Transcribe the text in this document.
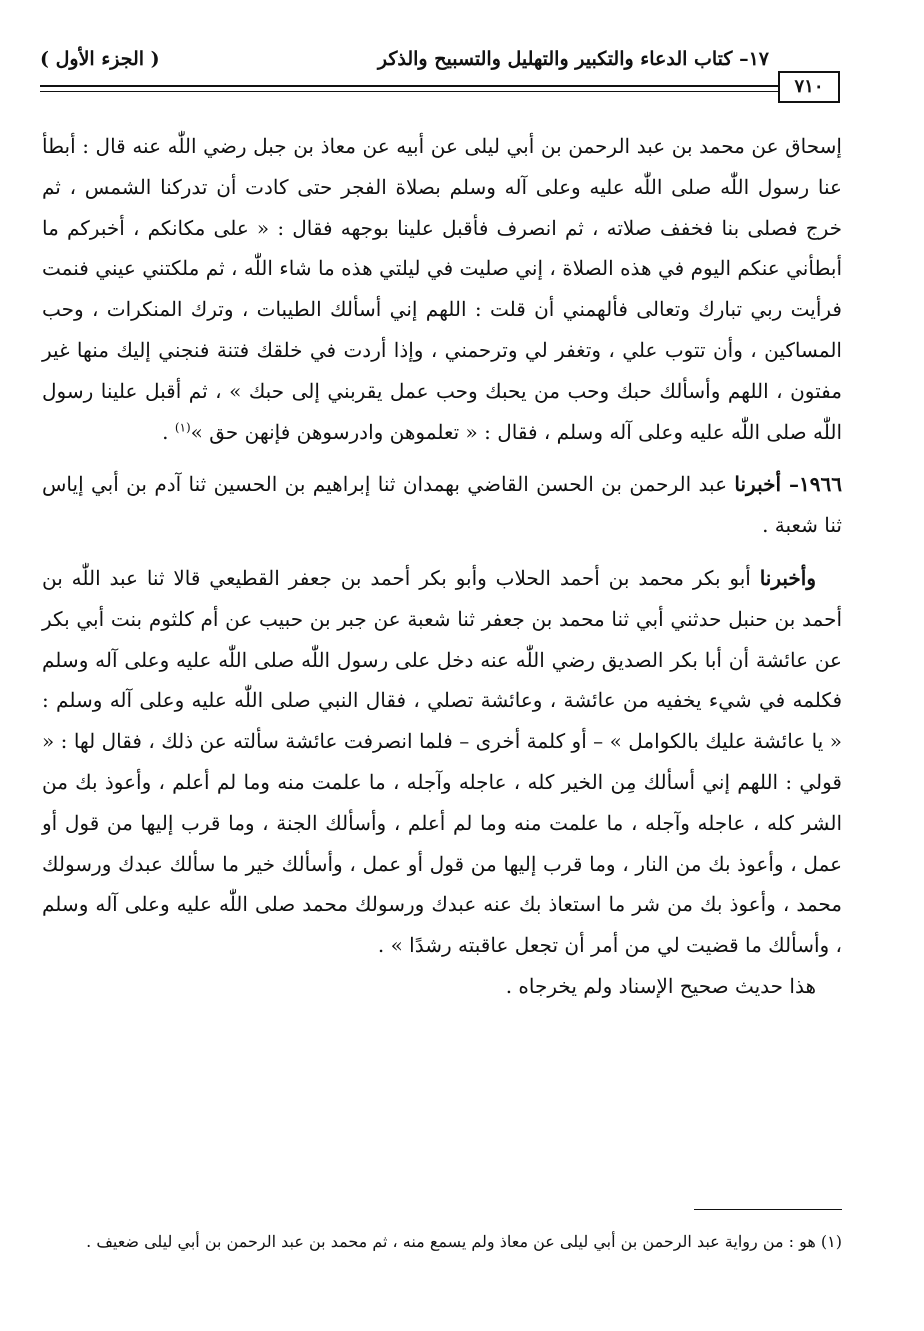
١٧– كتاب الدعاء والتكبير والتهليل والتسبيح والذكر
( الجزء الأول )
٧١٠

إسحاق عن محمد بن عبد الرحمن بن أبي ليلى عن أبيه عن معاذ بن جبل رضي اللّٰه عنه قال : أبطأ عنا رسول اللّٰه صلى اللّٰه عليه وعلى آله وسلم بصلاة الفجر حتى كادت أن تدركنا الشمس ، ثم خرج فصلى بنا فخفف صلاته ، ثم انصرف فأقبل علينا بوجهه فقال : « على مكانكم ، أخبركم ما أبطأني عنكم اليوم في هذه الصلاة ، إني صليت في ليلتي هذه ما شاء اللّٰه ، ثم ملكتني عيني فنمت فرأيت ربي تبارك وتعالى فألهمني أن قلت : اللهم إني أسألك الطيبات ، وترك المنكرات ، وحب المساكين ، وأن تتوب علي ، وتغفر لي وترحمني ، وإذا أردت في خلقك فتنة فنجني إليك منها غير مفتون ، اللهم وأسألك حبك وحب من يحبك وحب عمل يقربني إلى حبك » ، ثم أقبل علينا رسول اللّٰه صلى اللّٰه عليه وعلى آله وسلم ، فقال : « تعلموهن وادرسوهن فإنهن حق »$^{(١)}$ .

١٩٦٦– أخبرنا عبد الرحمن بن الحسن القاضي بهمدان ثنا إبراهيم بن الحسين ثنا آدم بن أبي إياس ثنا شعبة .

وأخبرنا أبو بكر محمد بن أحمد الحلاب وأبو بكر أحمد بن جعفر القطيعي قالا ثنا عبد اللّٰه بن أحمد بن حنبل حدثني أبي ثنا محمد بن جعفر ثنا شعبة عن جبر بن حبيب عن أم كلثوم بنت أبي بكر عن عائشة أن أبا بكر الصديق رضي اللّٰه عنه دخل على رسول اللّٰه صلى اللّٰه عليه وعلى آله وسلم فكلمه في شيء يخفيه من عائشة ، وعائشة تصلي ، فقال النبي صلى اللّٰه عليه وعلى آله وسلم : « يا عائشة عليك بالكوامل » – أو كلمة أخرى – فلما انصرفت عائشة سألته عن ذلك ، فقال لها : « قولي : اللهم إني أسألك مِن الخير كله ، عاجله وآجله ، ما علمت منه وما لم أعلم ، وأعوذ بك من الشر كله ، عاجله وآجله ، ما علمت منه وما لم أعلم ، وأسألك الجنة ، وما قرب إليها من قول أو عمل ، وأعوذ بك من النار ، وما قرب إليها من قول أو عمل ، وأسألك خير ما سألك عبدك ورسولك محمد ، وأعوذ بك من شر ما استعاذ بك عنه عبدك ورسولك محمد صلى اللّٰه عليه وعلى آله وسلم ، وأسألك ما قضيت لي من أمر أن تجعل عاقبته رشدًا » .

هذا حديث صحيح الإسناد ولم يخرجاه .

(١) هو : من رواية عبد الرحمن بن أبي ليلى عن معاذ ولم يسمع منه ، ثم محمد بن عبد الرحمن بن أبي ليلى ضعيف .
